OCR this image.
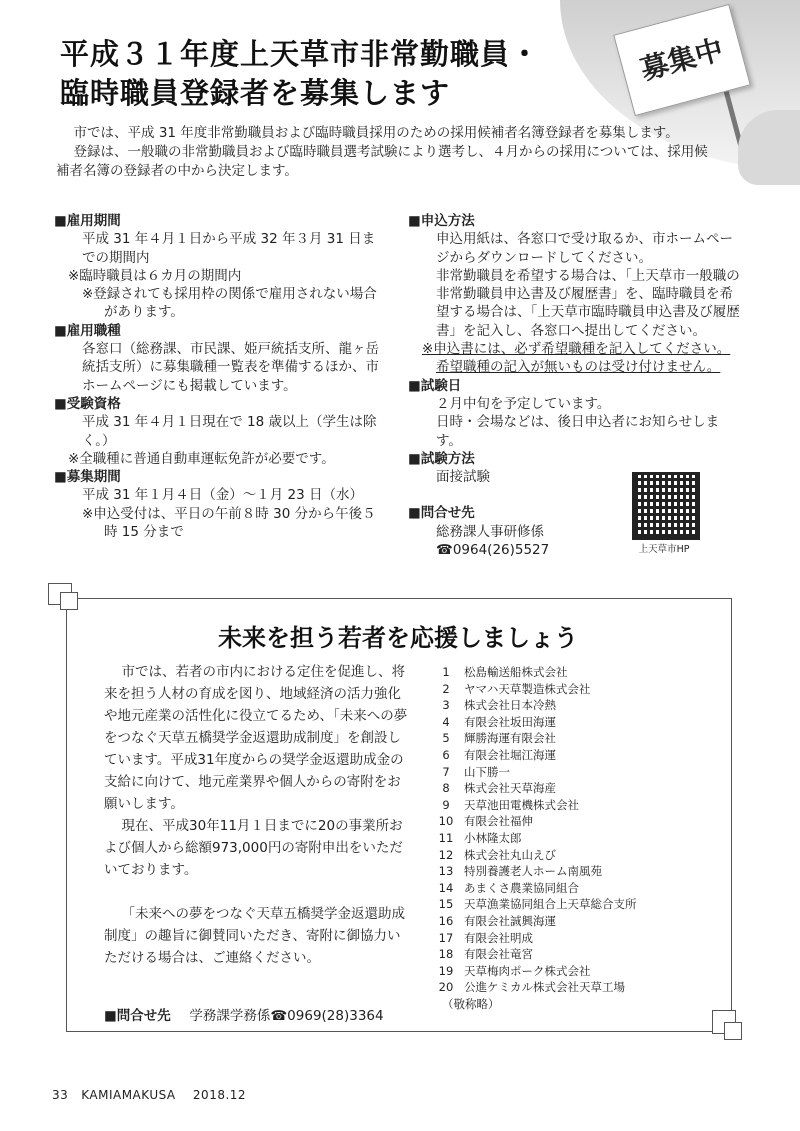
募集中
平成３１年度上天草市非常勤職員・
臨時職員登録者を募集します

市では、平成 31 年度非常勤職員および臨時職員採用のための採用候補者名簿登録者を募集します。

登録は、一般職の非常勤職員および臨時職員選考試験により選考し、４月からの採用については、採用候補者名簿の登録者の中から決定します。

■雇用期間
平成 31 年４月１日から平成 32 年３月 31 日までの期間内
※臨時職員は６カ月の期間内
※登録されても採用枠の関係で雇用されない場合があります。
■雇用職種
各窓口（総務課、市民課、姫戸統括支所、龍ヶ岳統括支所）に募集職種一覧表を準備するほか、市ホームページにも掲載しています。
■受験資格
平成 31 年４月１日現在で 18 歳以上（学生は除く。）
※全職種に普通自動車運転免許が必要です。
■募集期間
平成 31 年１月４日（金）～１月 23 日（水）
※申込受付は、平日の午前８時 30 分から午後５時 15 分まで
■申込方法
申込用紙は、各窓口で受け取るか、市ホームページからダウンロードしてください。
非常勤職員を希望する場合は、「上天草市一般職の非常勤職員申込書及び履歴書」を、臨時職員を希望する場合は、「上天草市臨時職員申込書及び履歴書」を記入し、各窓口へ提出してください。
※申込書には、必ず希望職種を記入してください。
希望職種の記入が無いものは受け付けません。
■試験日
２月中旬を予定しています。
日時・会場などは、後日申込者にお知らせします。
■試験方法
面接試験
■問合せ先
総務課人事研修係
☎0964(26)5527	上天草市HP
未来を担う若者を応援しましょう

市では、若者の市内における定住を促進し、将来を担う人材の育成を図り、地域経済の活力強化や地元産業の活性化に役立てるため、「未来への夢をつなぐ天草五橋奨学金返還助成制度」を創設しています。平成31年度からの奨学金返還助成金の支給に向けて、地元産業界や個人からの寄附をお願いします。

現在、平成30年11月１日までに20の事業所および個人から総額973,000円の寄附申出をいただいております。

「未来への夢をつなぐ天草五橋奨学金返還助成制度」の趣旨に御賛同いただき、寄附に御協力いただける場合は、ご連絡ください。

■問合せ先 学務課学務係☎0969(28)3364
1 松島輸送船株式会社
2 ヤマハ天草製造株式会社
3 株式会社日本冷熱
4 有限会社坂田海運
5 輝勝海運有限会社
6 有限会社堀江海運
7 山下勝一
8 株式会社天草海産
9 天草池田電機株式会社
10 有限会社福伸
11 小林隆太郎
12 株式会社丸山えび
13 特別養護老人ホーム南風苑
14 あまくさ農業協同組合
15 天草漁業協同組合上天草総合支所
16 有限会社誠興海運
17 有限会社明成
18 有限会社竜宮
19 天草梅肉ポーク株式会社
20 公進ケミカル株式会社天草工場
（敬称略）
33 KAMIAMAKUSA 2018.12
